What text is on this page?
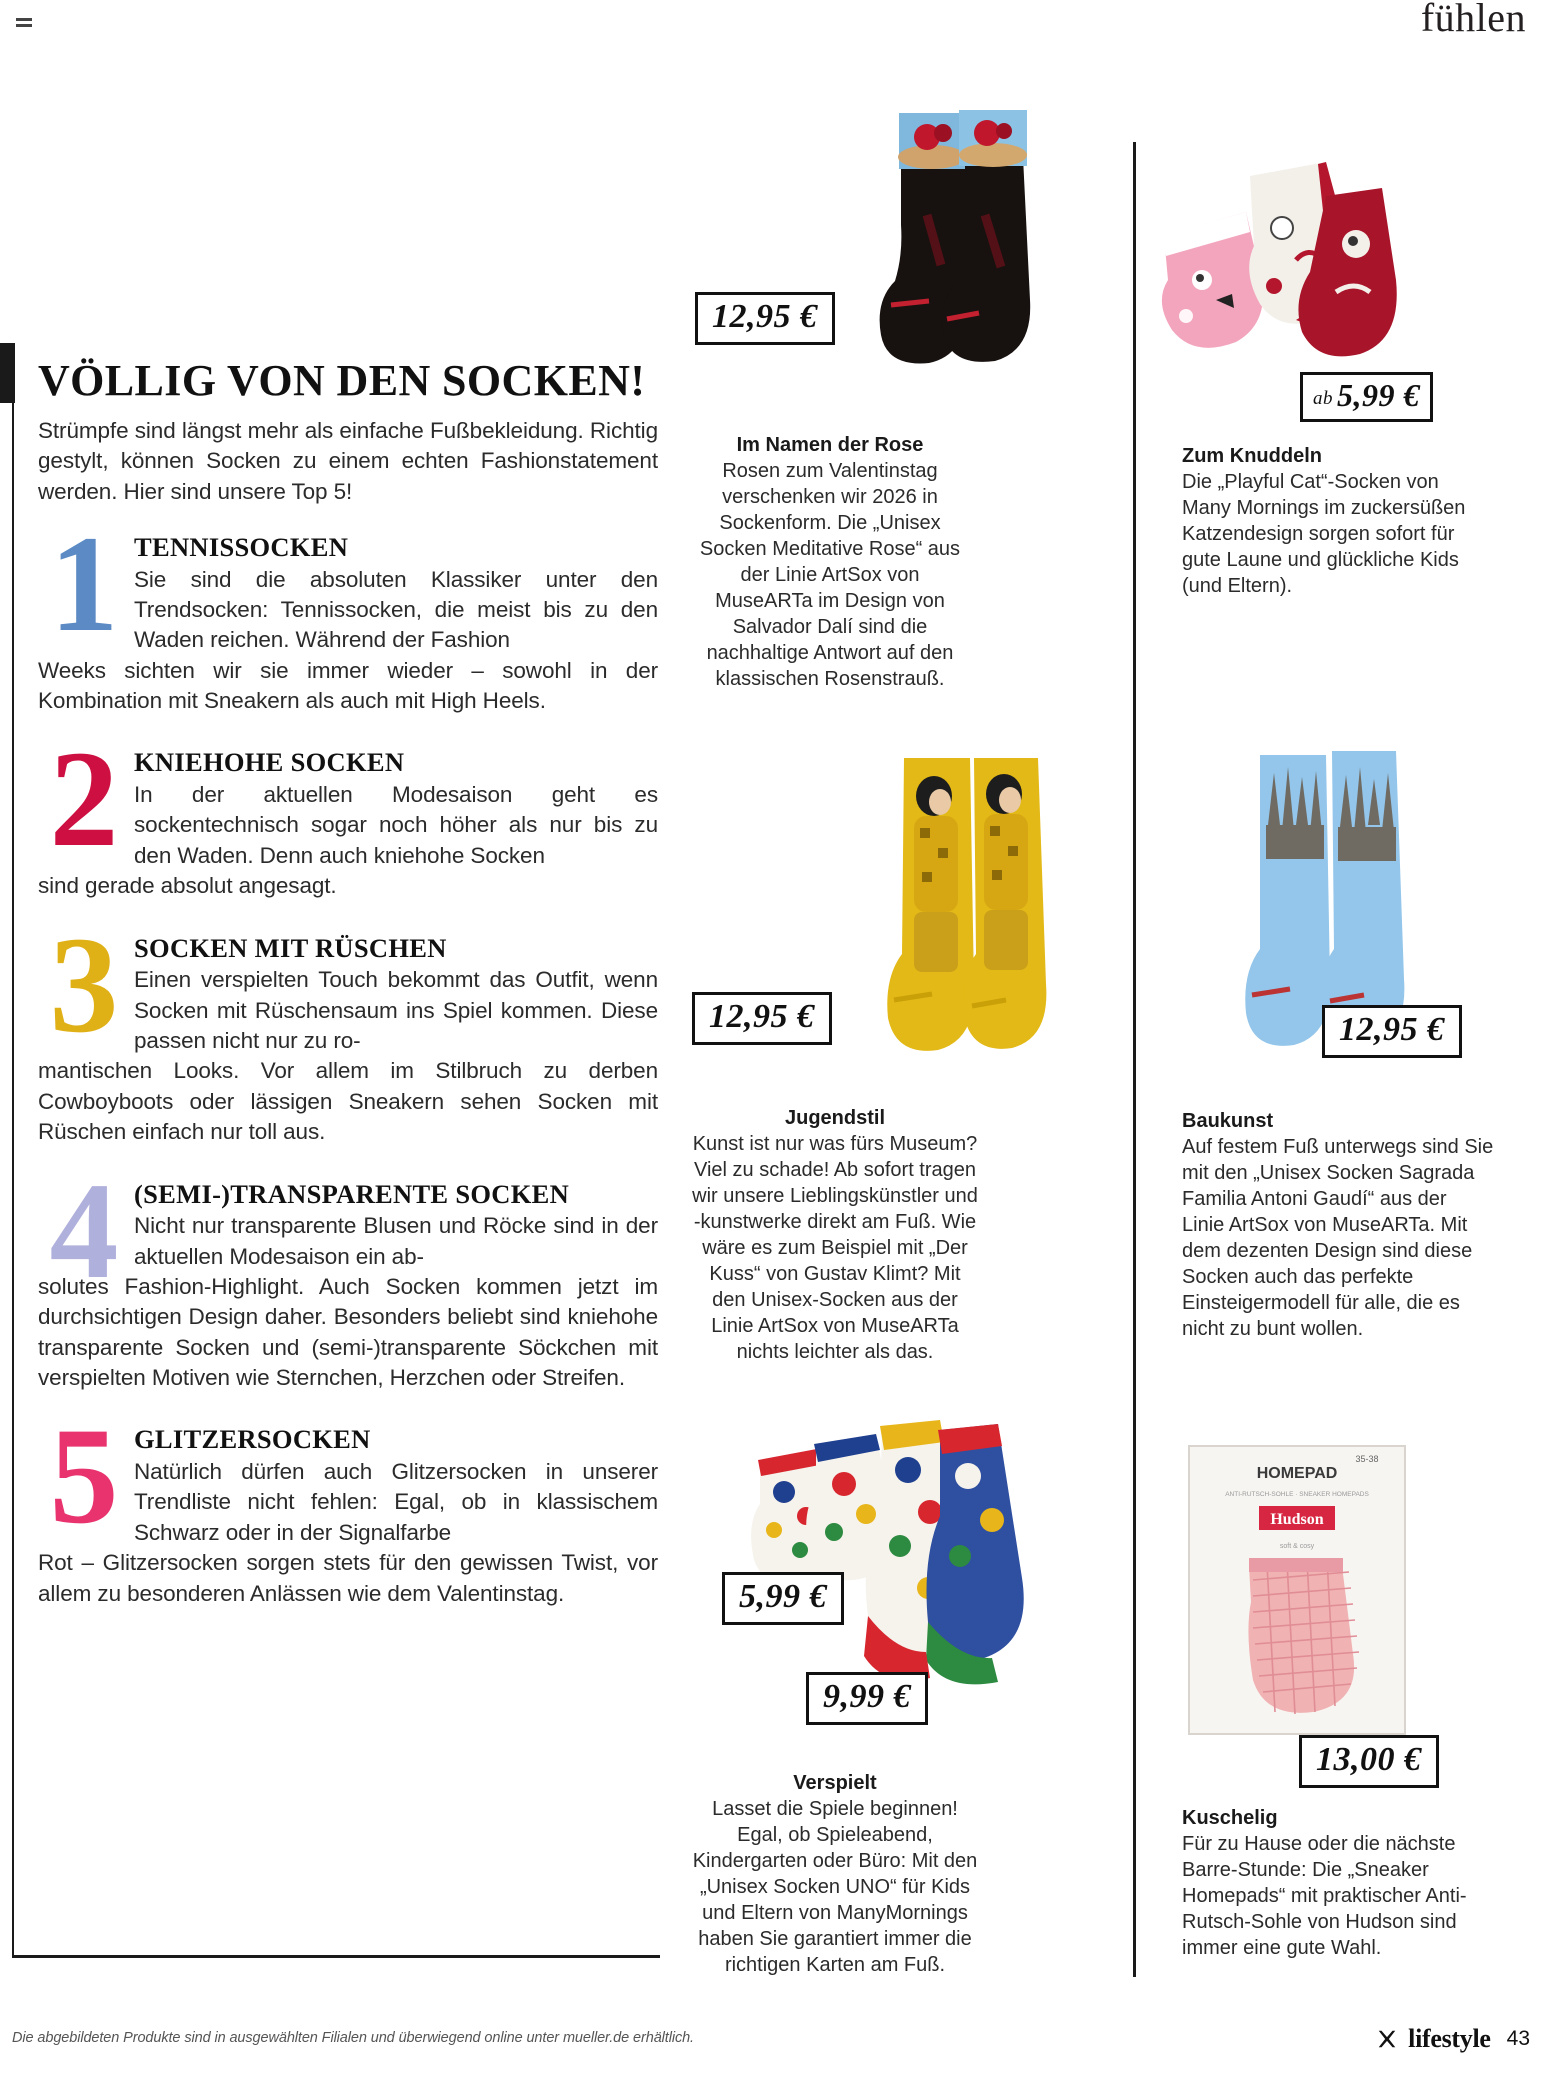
fühlen
VÖLLIG VON DEN SOCKEN!
Strümpfe sind längst mehr als einfache Fußbekleidung. Richtig gestylt, können Socken zu einem echten Fashionstatement werden. Hier sind unsere Top 5!
1 TENNISSOCKEN

Sie sind die absoluten Klassiker unter den Trendsocken: Tennissocken, die meist bis zu den Waden reichen. Während der Fashion

Weeks sichten wir sie immer wieder – sowohl in der Kombination mit Sneakern als auch mit High Heels.

2 KNIEHOHE SOCKEN

In der aktuellen Modesaison geht es sockentechnisch sogar noch höher als nur bis zu den Waden. Denn auch kniehohe Socken

sind gerade absolut angesagt.

3 SOCKEN MIT RÜSCHEN

Einen verspielten Touch bekommt das Outfit, wenn Socken mit Rüschensaum ins Spiel kommen. Diese passen nicht nur zu ro-

mantischen Looks. Vor allem im Stilbruch zu derben Cowboyboots oder lässigen Sneakern sehen Socken mit Rüschen einfach nur toll aus.

4 (SEMI-)TRANSPARENTE SOCKEN

Nicht nur transparente Blusen und Röcke sind in der aktuellen Modesaison ein ab-

solutes Fashion-Highlight. Auch Socken kommen jetzt im durchsichtigen Design daher. Besonders beliebt sind kniehohe transparente Socken und (semi-)transparente Söckchen mit verspielten Motiven wie Sternchen, Herzchen oder Streifen.

5 GLITZERSOCKEN

Natürlich dürfen auch Glitzersocken in unserer Trendliste nicht fehlen: Egal, ob in klassischem Schwarz oder in der Signalfarbe

Rot – Glitzersocken sorgen stets für den gewissen Twist, vor allem zu besonderen Anlässen wie dem Valentinstag.

12,95 €
Im Namen der Rose
Rosen zum Valentinstag verschenken wir 2026 in Sockenform. Die „Unisex Socken Meditative Rose“ aus der Linie ArtSox von MuseARTa im Design von Salvador Dalí sind die nachhaltige Antwort auf den klassischen Rosenstrauß.
ab 5,99 €
Zum Knuddeln
Die „Playful Cat“-Socken von Many Mornings im zuckersüßen Katzendesign sorgen sofort für gute Laune und glückliche Kids (und Eltern).
12,95 €
Jugendstil
Kunst ist nur was fürs Museum? Viel zu schade! Ab sofort tragen wir unsere Lieblingskünstler und -kunstwerke direkt am Fuß. Wie wäre es zum Beispiel mit „Der Kuss“ von Gustav Klimt? Mit den Unisex-Socken aus der Linie ArtSox von MuseARTa nichts leichter als das.
12,95 €
Baukunst
Auf festem Fuß unterwegs sind Sie mit den „Unisex Socken Sagrada Familia Antoni Gaudí“ aus der Linie ArtSox von MuseARTa. Mit dem dezenten Design sind diese Socken auch das perfekte Einsteigermodell für alle, die es nicht zu bunt wollen.
5,99 €
9,99 €
Verspielt
Lasset die Spiele beginnen! Egal, ob Spieleabend, Kindergarten oder Büro: Mit den „Unisex Socken UNO“ für Kids und Eltern von ManyMornings haben Sie garantiert immer die richtigen Karten am Fuß.
HOMEPAD
35-38
ANTI-RUTSCH-SOHLE · SNEAKER HOMEPADS
Hudson
soft & cosy
13,00 €
Kuschelig
Für zu Hause oder die nächste Barre-Stunde: Die „Sneaker Homepads“ mit praktischer Anti-Rutsch-Sohle von Hudson sind immer eine gute Wahl.
Die abgebildeten Produkte sind in ausgewählten Filialen und überwiegend online unter mueller.de erhältlich.	lifestyle 43
